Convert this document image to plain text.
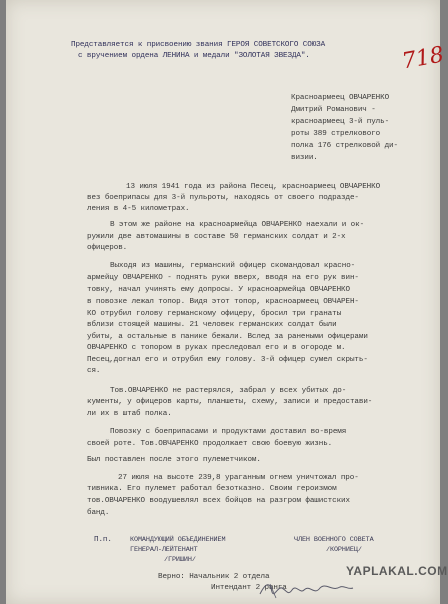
Представляется к присвоению звания ГЕРОЯ СОВЕТСКОГО СОЮЗА
с вручением ордена ЛЕНИНА и медали "ЗОЛОТАЯ ЗВЕЗДА".	718
Красноармеец ОВЧАРЕНКО
Дмитрий Романович -
красноармеец 3-й пуль-
роты 389 стрелкового
полка 176 стрелковой ди-
визии.
13 июля 1941 года из района Песец, красноармеец ОВЧАРЕНКО
вез боеприпасы для 3-й пульроты, находясь от своего подразде-
ления в 4-5 километрах.
В этом же районе на красноармейца ОВЧАРЕНКО наехали и ок-
ружили две автомашины в составе 50 германских солдат и 2-х
офицеров.
Выходя из машины, германский офицер скомандовал красно-
армейцу ОВЧАРЕНКО - поднять руки вверх, вводя на его рук вин-
товку, начал учинять ему допросы. У красноармейца ОВЧАРЕНКО
в повозке лежал топор. Видя этот топор, красноармеец ОВЧАРЕН-
КО отрубил голову германскому офицеру, бросил три гранаты
вблизи стоящей машины. 21 человек германских солдат были
убиты, а остальные в панике бежали. Вслед за ранеными офицерами
ОВЧАРЕНКО с топором в руках преследовал его и в огороде м.
Песец,догнал его и отрубил ему голову. 3-й офицер сумел скрыть-
ся.
Тов.ОВЧАРЕНКО не растерялся, забрал у всех убитых до-
кументы, у офицеров карты, планшеты, схему, записи и предостави-
ли их в штаб полка.
Повозку с боеприпасами и продуктами доставил во-время
своей роте. Тов.ОВЧАРЕНКО продолжает свою боевую жизнь.
Был поставлен после этого пулеметчиком.
27 июля на высоте 239,8 ураганным огнем уничтожал про-
тивника. Его пулемет работал безотказно. Своим героизмом
тов.ОВЧАРЕНКО воодушевлял всех бойцов на разгром фашистских
банд.
П.п.	КОМАНДУЮЩИЙ ОБЪЕДИНЕНИЕМ
ГЕНЕРАЛ-ЛЕЙТЕНАНТ
/ГРИШИН/
ЧЛЕН ВОЕННОГО СОВЕТА
/КОРНИЕЦ/
Верно: Начальник 2 отдела
Интендант 2 ранга
YAPLAKAL.COM
